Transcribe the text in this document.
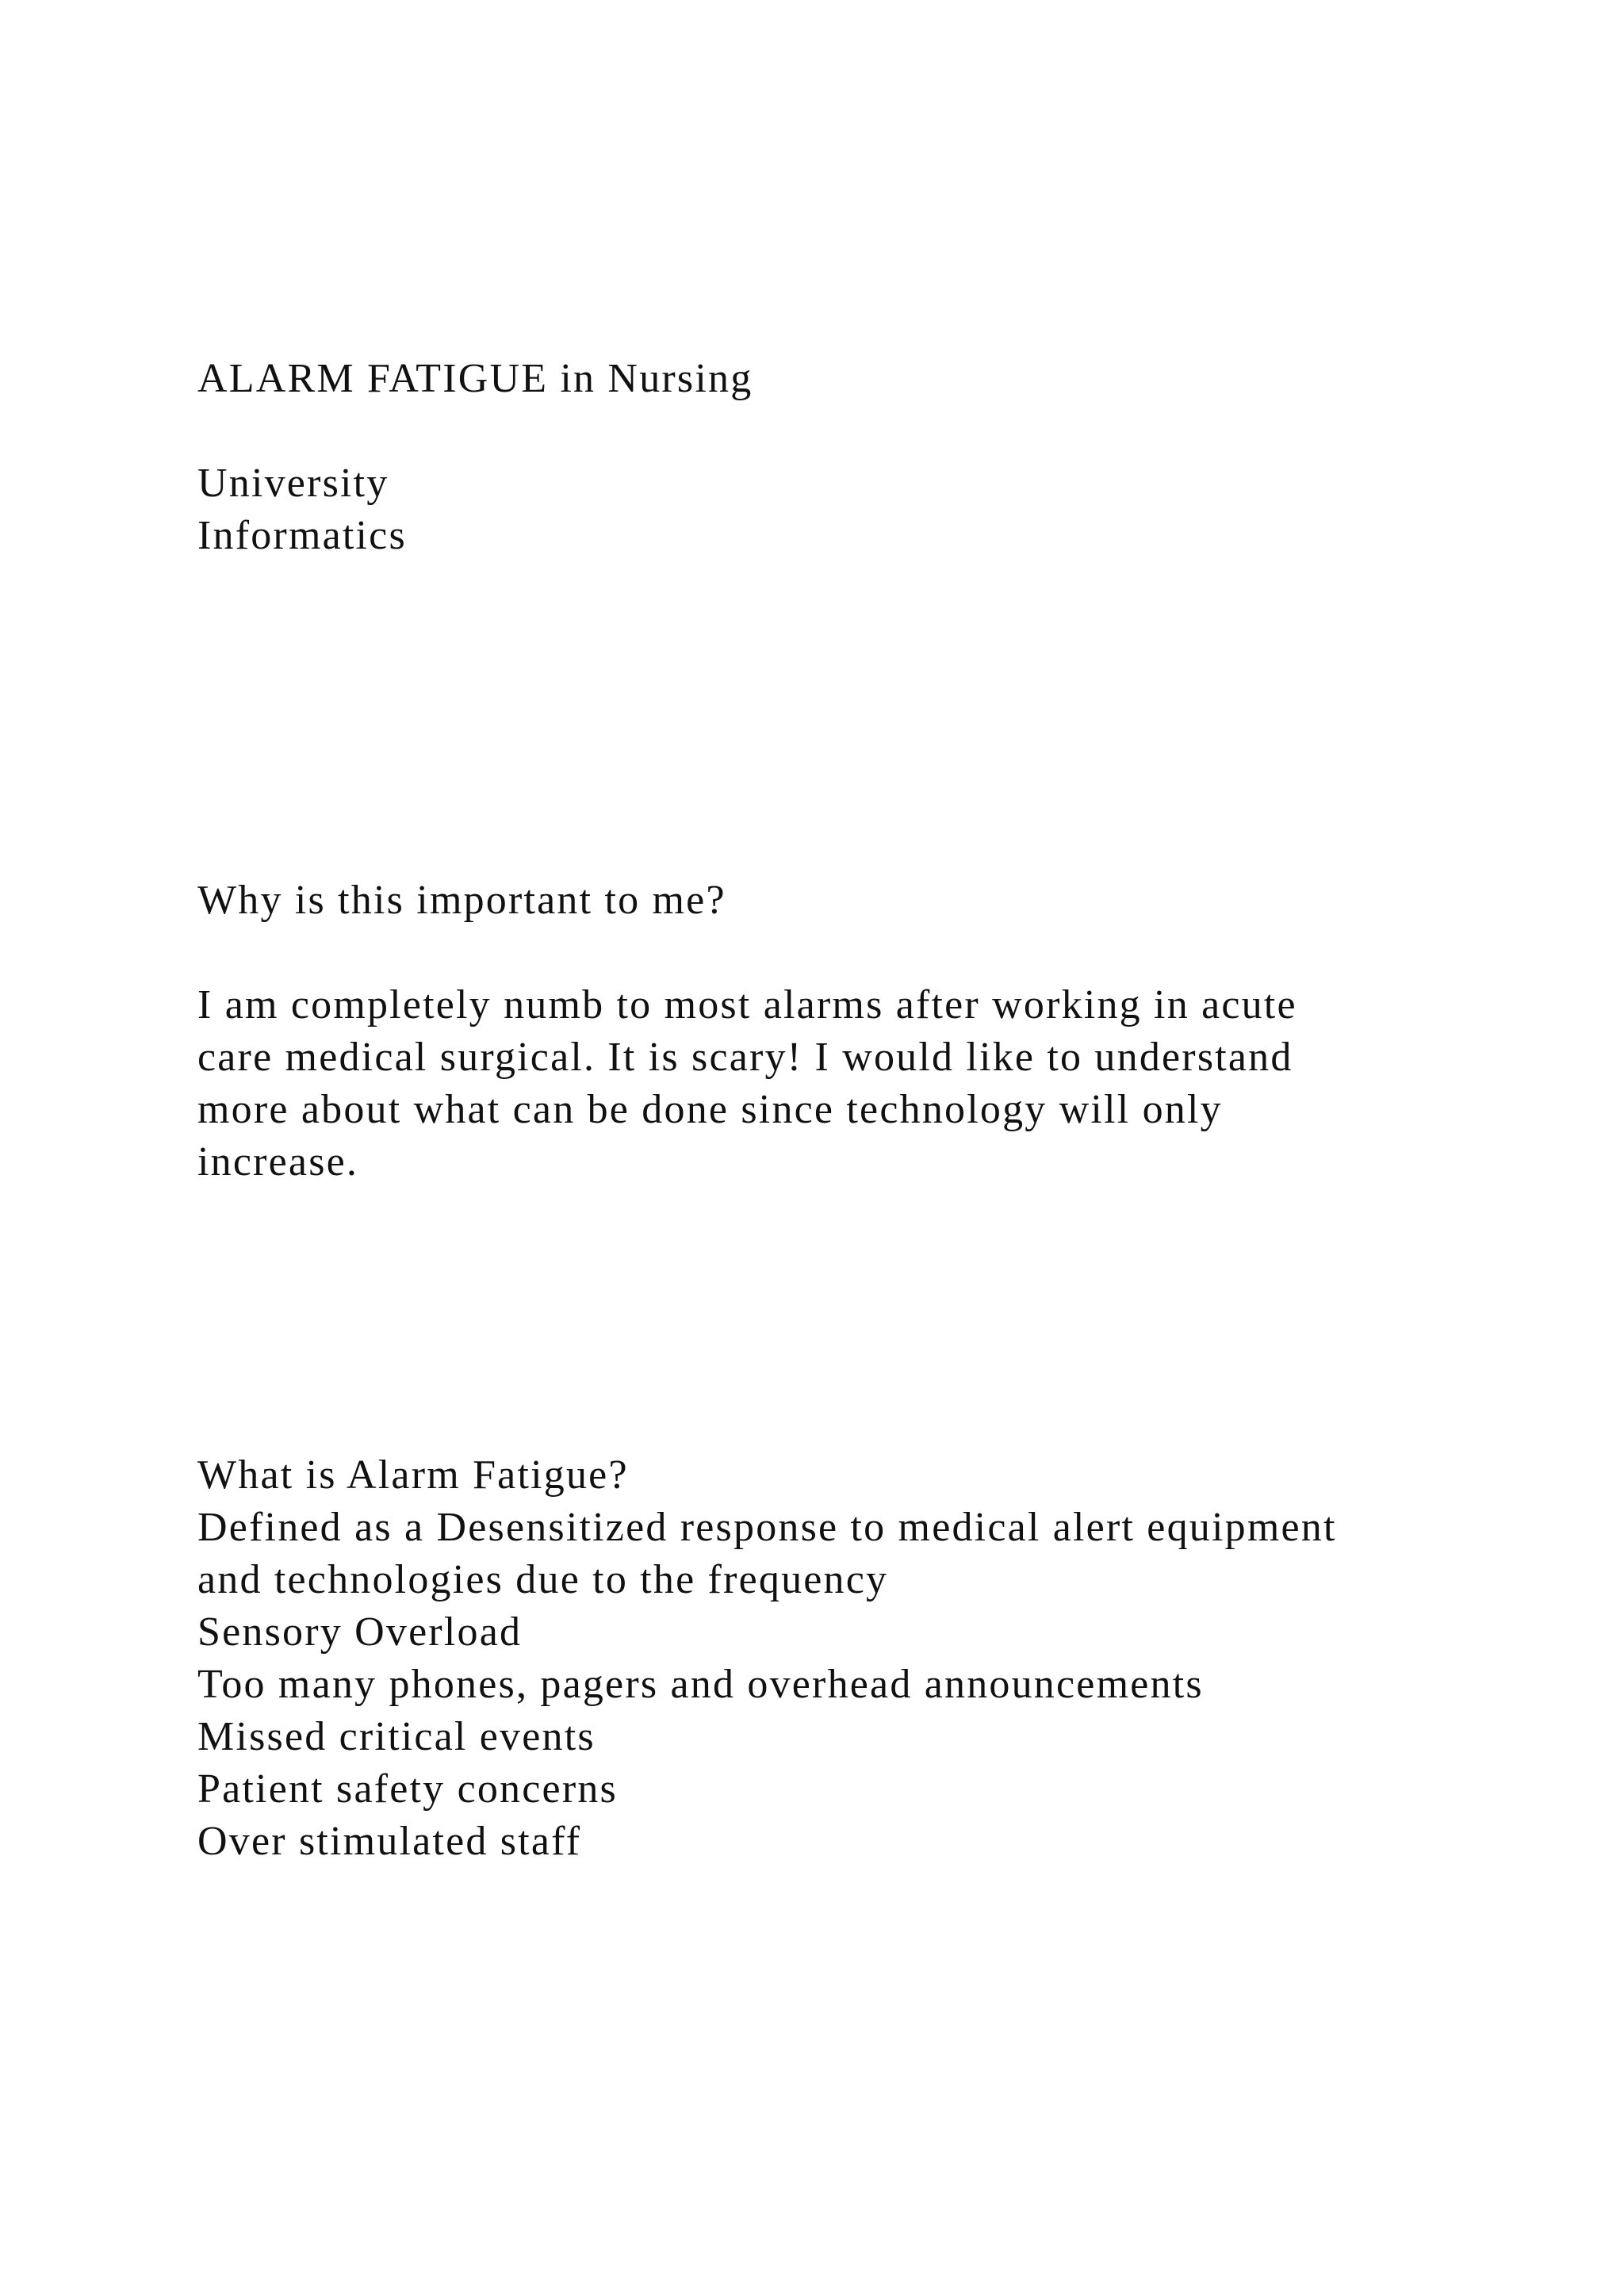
ALARM FATIGUE in Nursing

University

Informatics

Why is this important to me?

I am completely numb to most alarms after working in acute

care medical surgical. It is scary! I would like to understand

more about what can be done since technology will only

increase.

What is Alarm Fatigue?

Defined as a Desensitized response to medical alert equipment

and technologies due to the frequency

Sensory Overload

Too many phones, pagers and overhead announcements

Missed critical events

Patient safety concerns

Over stimulated staff
